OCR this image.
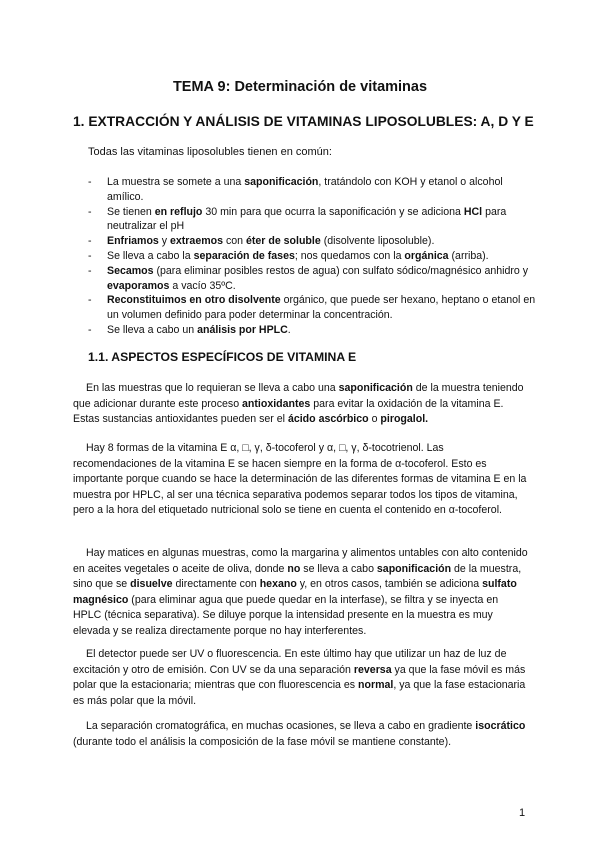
TEMA 9: Determinación de vitaminas
1. EXTRACCIÓN Y ANÁLISIS DE VITAMINAS LIPOSOLUBLES: A, D Y E
Todas las vitaminas liposolubles tienen en común:
- La muestra se somete a una saponificación, tratándolo con KOH y etanol o alcohol amílico.
- Se tienen en reflujo 30 min para que ocurra la saponificación y se adiciona HCl para neutralizar el pH
- Enfriamos y extraemos con éter de soluble (disolvente liposoluble).
- Se lleva a cabo la separación de fases; nos quedamos con la orgánica (arriba).
- Secamos (para eliminar posibles restos de agua) con sulfato sódico/magnésico anhidro y evaporamos a vacío 35ºC.
- Reconstituimos en otro disolvente orgánico, que puede ser hexano, heptano o etanol en un volumen definido para poder determinar la concentración.
- Se lleva a cabo un análisis por HPLC.
1.1. ASPECTOS ESPECÍFICOS DE VITAMINA E

En las muestras que lo requieran se lleva a cabo una saponificación de la muestra teniendo que adicionar durante este proceso antioxidantes para evitar la oxidación de la vitamina E. Estas sustancias antioxidantes pueden ser el ácido ascórbico o pirogalol.

Hay 8 formas de la vitamina E α, □, γ, δ-tocoferol y α, □, γ, δ-tocotrienol. Las recomendaciones de la vitamina E se hacen siempre en la forma de α-tocoferol. Esto es importante porque cuando se hace la determinación de las diferentes formas de vitamina E en la muestra por HPLC, al ser una técnica separativa podemos separar todos los tipos de vitamina, pero a la hora del etiquetado nutricional solo se tiene en cuenta el contenido en α-tocoferol.

Hay matices en algunas muestras, como la margarina y alimentos untables con alto contenido en aceites vegetales o aceite de oliva, donde no se lleva a cabo saponificación de la muestra, sino que se disuelve directamente con hexano y, en otros casos, también se adiciona sulfato magnésico (para eliminar agua que puede quedar en la interfase), se filtra y se inyecta en HPLC (técnica separativa). Se diluye porque la intensidad presente en la muestra es muy elevada y se realiza directamente porque no hay interferentes.

El detector puede ser UV o fluorescencia. En este último hay que utilizar un haz de luz de excitación y otro de emisión. Con UV se da una separación reversa ya que la fase móvil es más polar que la estacionaria; mientras que con fluorescencia es normal, ya que la fase estacionaria es más polar que la móvil.

La separación cromatográfica, en muchas ocasiones, se lleva a cabo en gradiente isocrático (durante todo el análisis la composición de la fase móvil se mantiene constante).

1
